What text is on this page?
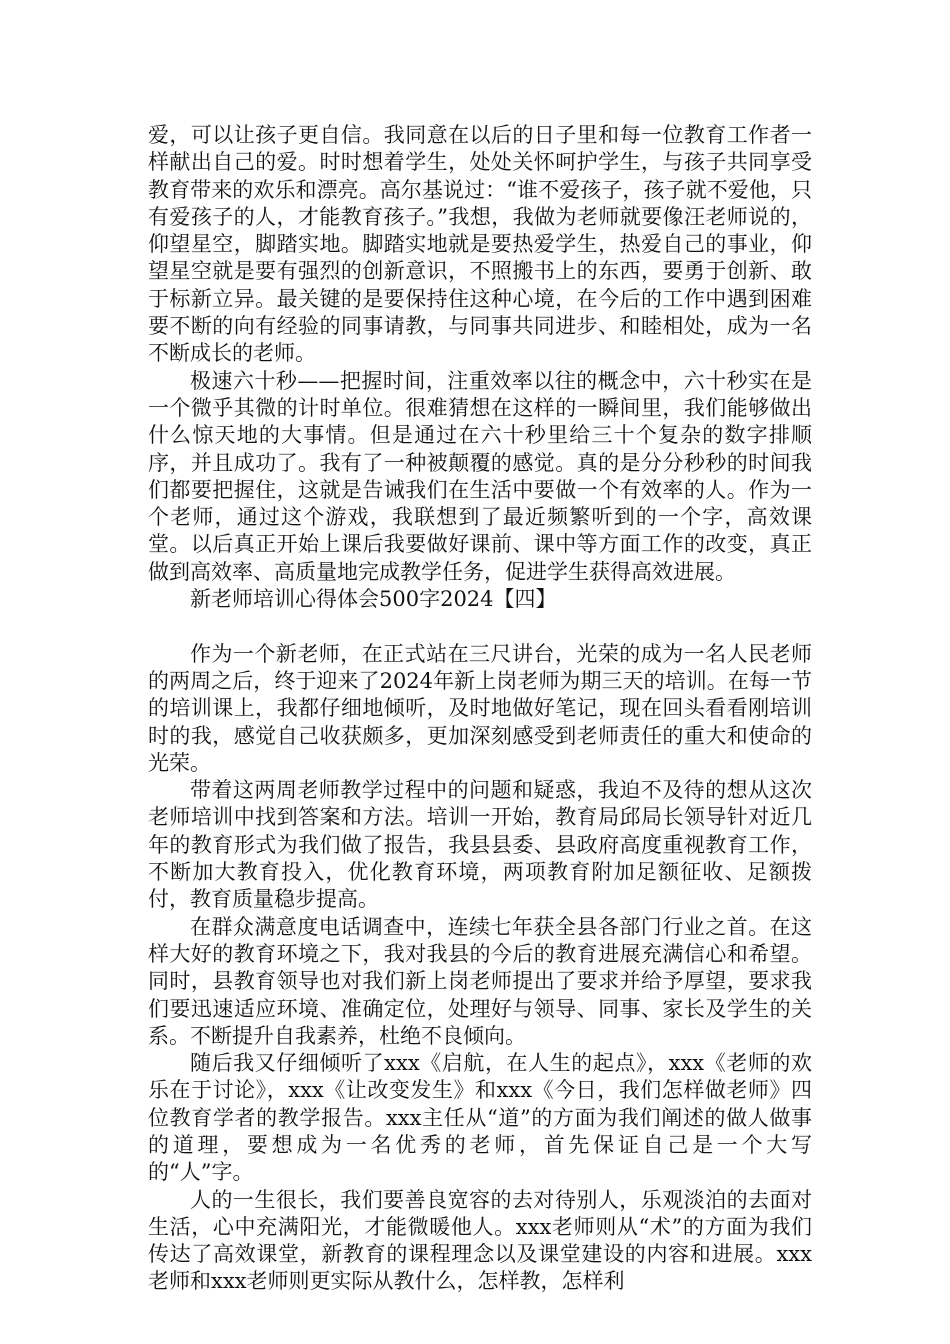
爱，可以让孩子更自信。我同意在以后的日子里和每一位教育工作者一样献出自己的爱。时时想着学生，处处关怀呵护学生，与孩子共同享受教育带来的欢乐和漂亮。高尔基说过：“谁不爱孩子，孩子就不爱他，只有爱孩子的人，才能教育孩子。”我想，我做为老师就要像汪老师说的，仰望星空，脚踏实地。脚踏实地就是要热爱学生，热爱自己的事业，仰望星空就是要有强烈的创新意识，不照搬书上的东西，要勇于创新、敢于标新立异。最关键的是要保持住这种心境，在今后的工作中遇到困难要不断的向有经验的同事请教，与同事共同进步、和睦相处，成为一名不断成长的老师。

极速六十秒——把握时间，注重效率以往的概念中，六十秒实在是一个微乎其微的计时单位。很难猜想在这样的一瞬间里，我们能够做出什么惊天地的大事情。但是通过在六十秒里给三十个复杂的数字排顺序，并且成功了。我有了一种被颠覆的感觉。真的是分分秒秒的时间我们都要把握住，这就是告诫我们在生活中要做一个有效率的人。作为一个老师，通过这个游戏，我联想到了最近频繁听到的一个字，高效课堂。以后真正开始上课后我要做好课前、课中等方面工作的改变，真正做到高效率、高质量地完成教学任务，促进学生获得高效进展。

新老师培训心得体会500字2024【四】

作为一个新老师，在正式站在三尺讲台，光荣的成为一名人民老师的两周之后，终于迎来了2024年新上岗老师为期三天的培训。在每一节的培训课上，我都仔细地倾听，及时地做好笔记，现在回头看看刚培训时的我，感觉自己收获颇多，更加深刻感受到老师责任的重大和使命的光荣。

带着这两周老师教学过程中的问题和疑惑，我迫不及待的想从这次老师培训中找到答案和方法。培训一开始，教育局邱局长领导针对近几年的教育形式为我们做了报告，我县县委、县政府高度重视教育工作，不断加大教育投入，优化教育环境，两项教育附加足额征收、足额拨付，教育质量稳步提高。

在群众满意度电话调查中，连续七年获全县各部门行业之首。在这样大好的教育环境之下，我对我县的今后的教育进展充满信心和希望。同时，县教育领导也对我们新上岗老师提出了要求并给予厚望，要求我们要迅速适应环境、准确定位，处理好与领导、同事、家长及学生的关系。不断提升自我素养，杜绝不良倾向。

随后我又仔细倾听了xxx《启航，在人生的起点》，xxx《老师的欢乐在于讨论》，xxx《让改变发生》和xxx《今日，我们怎样做老师》四位教育学者的教学报告。xxx主任从“道”的方面为我们阐述的做人做事的道理，要想成为一名优秀的老师，首先保证自己是一个大写的“人”字。

人的一生很长，我们要善良宽容的去对待别人，乐观淡泊的去面对生活，心中充满阳光，才能微暖他人。xxx老师则从“术”的方面为我们传达了高效课堂，新教育的课程理念以及课堂建设的内容和进展。xxx老师和xxx老师则更实际从教什么，怎样教，怎样利
